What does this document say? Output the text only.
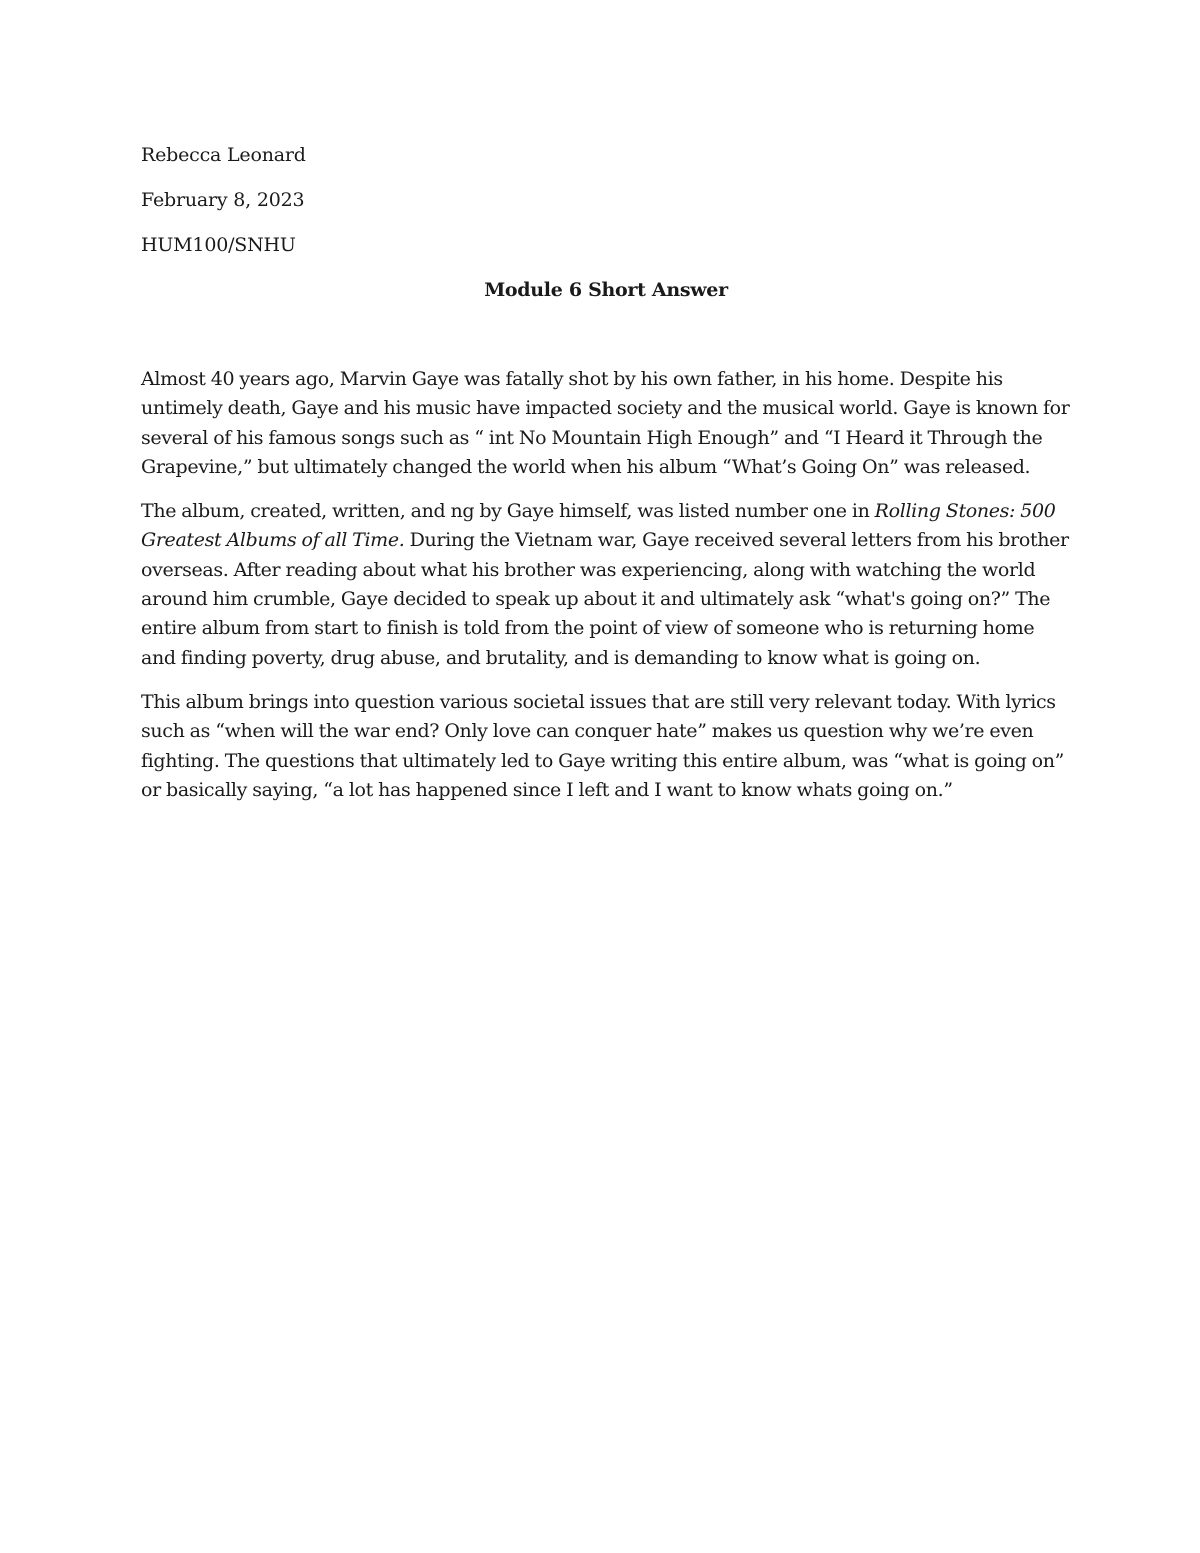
Rebecca Leonard

February 8, 2023

HUM100/SNHU

Module 6 Short Answer

Almost 40 years ago, Marvin Gaye was fatally shot by his own father, in his home. Despite his untimely death, Gaye and his music have impacted society and the musical world. Gaye is known for several of his famous songs such as “ int No Mountain High Enough” and “I Heard it Through the Grapevine,” but ultimately changed the world when his album “What’s Going On” was released.

The album, created, written, and ng by Gaye himself, was listed number one in Rolling Stones: 500 Greatest Albums of all Time. During the Vietnam war, Gaye received several letters from his brother overseas. After reading about what his brother was experiencing, along with watching the world around him crumble, Gaye decided to speak up about it and ultimately ask “what's going on?” The entire album from start to finish is told from the point of view of someone who is returning home and finding poverty, drug abuse, and brutality, and is demanding to know what is going on.

This album brings into question various societal issues that are still very relevant today. With lyrics such as “when will the war end? Only love can conquer hate” makes us question why we’re even fighting. The questions that ultimately led to Gaye writing this entire album, was “what is going on” or basically saying, “a lot has happened since I left and I want to know whats going on.”
